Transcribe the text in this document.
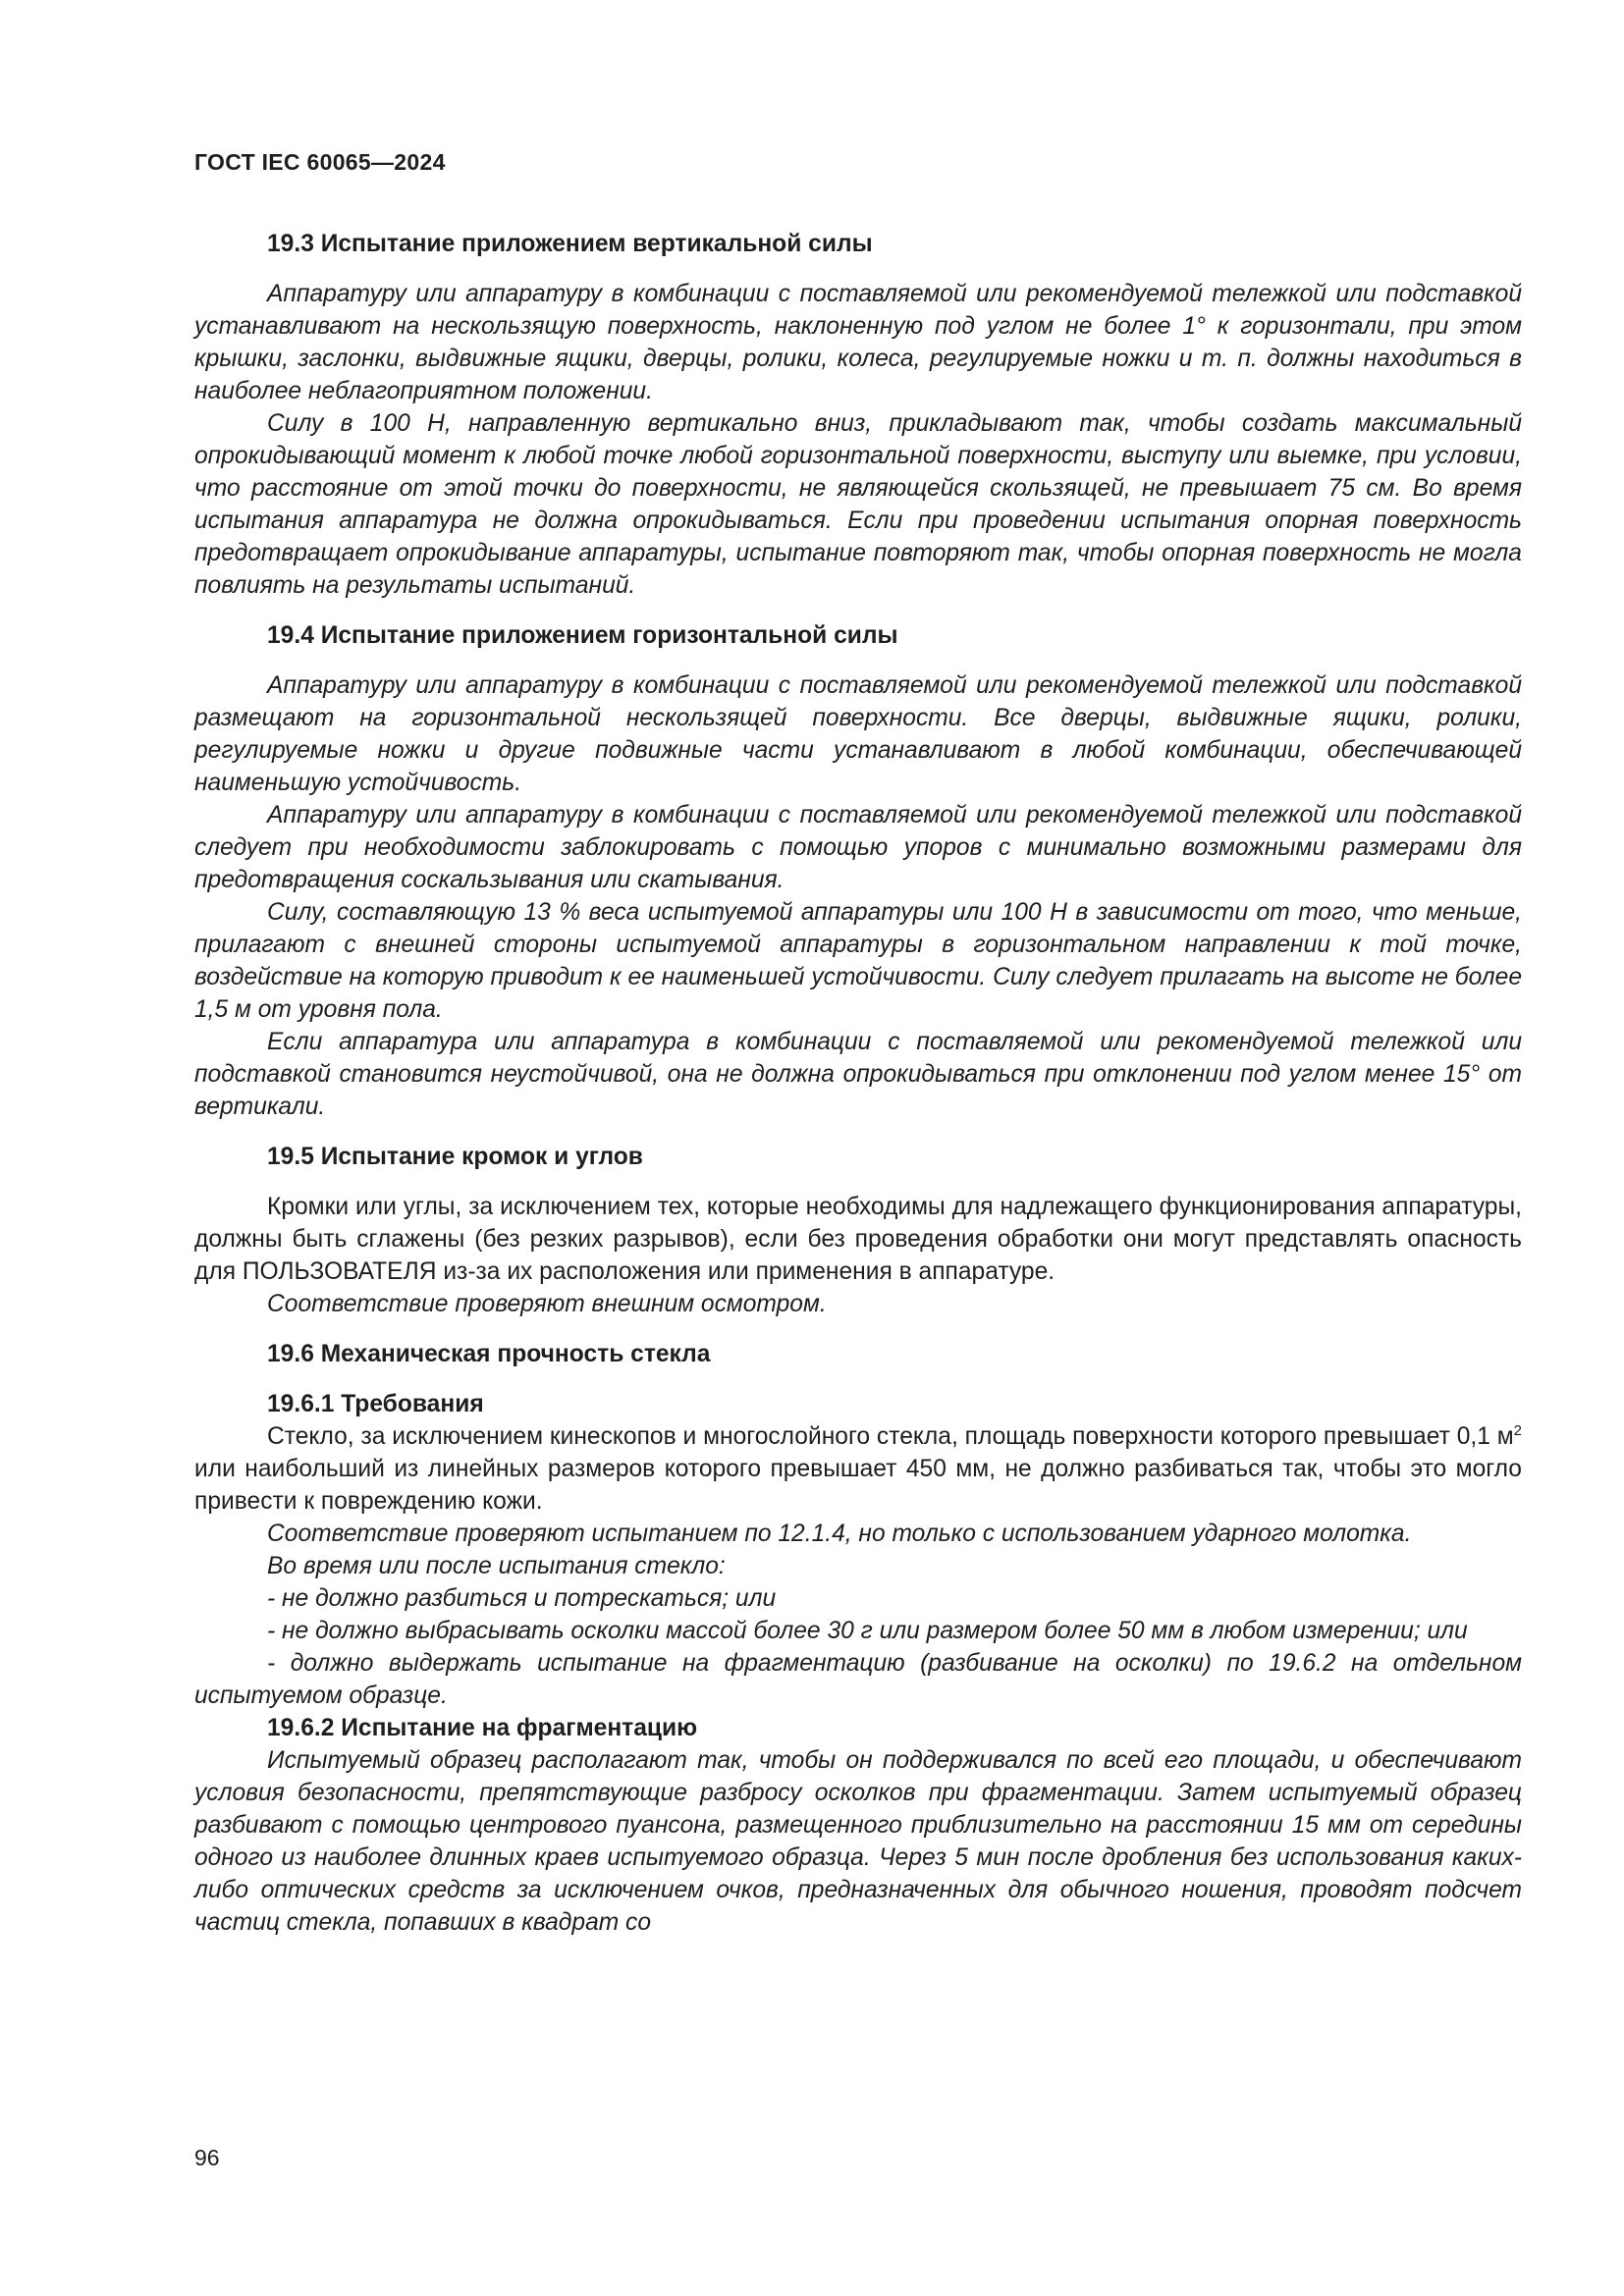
ГОСТ IEC 60065—2024
19.3 Испытание приложением вертикальной силы

Аппаратуру или аппаратуру в комбинации с поставляемой или рекомендуемой тележкой или подставкой устанавливают на нескользящую поверхность, наклоненную под углом не более 1° к горизонтали, при этом крышки, заслонки, выдвижные ящики, дверцы, ролики, колеса, регулируемые ножки и т. п. должны находиться в наиболее неблагоприятном положении.

Силу в 100 Н, направленную вертикально вниз, прикладывают так, чтобы создать максимальный опрокидывающий момент к любой точке любой горизонтальной поверхности, выступу или выемке, при условии, что расстояние от этой точки до поверхности, не являющейся скользящей, не превышает 75 см. Во время испытания аппаратура не должна опрокидываться. Если при проведении испытания опорная поверхность предотвращает опрокидывание аппаратуры, испытание повторяют так, чтобы опорная поверхность не могла повлиять на результаты испытаний.

19.4 Испытание приложением горизонтальной силы

Аппаратуру или аппаратуру в комбинации с поставляемой или рекомендуемой тележкой или подставкой размещают на горизонтальной нескользящей поверхности. Все дверцы, выдвижные ящики, ролики, регулируемые ножки и другие подвижные части устанавливают в любой комбинации, обеспечивающей наименьшую устойчивость.

Аппаратуру или аппаратуру в комбинации с поставляемой или рекомендуемой тележкой или подставкой следует при необходимости заблокировать с помощью упоров с минимально возможными размерами для предотвращения соскальзывания или скатывания.

Силу, составляющую 13 % веса испытуемой аппаратуры или 100 Н в зависимости от того, что меньше, прилагают с внешней стороны испытуемой аппаратуры в горизонтальном направлении к той точке, воздействие на которую приводит к ее наименьшей устойчивости. Силу следует прилагать на высоте не более 1,5 м от уровня пола.

Если аппаратура или аппаратура в комбинации с поставляемой или рекомендуемой тележкой или подставкой становится неустойчивой, она не должна опрокидываться при отклонении под углом менее 15° от вертикали.

19.5 Испытание кромок и углов

Кромки или углы, за исключением тех, которые необходимы для надлежащего функционирования аппаратуры, должны быть сглажены (без резких разрывов), если без проведения обработки они могут представлять опасность для ПОЛЬЗОВАТЕЛЯ из-за их расположения или применения в аппаратуре.

Соответствие проверяют внешним осмотром.

19.6 Механическая прочность стекла
19.6.1 Требования

Стекло, за исключением кинескопов и многослойного стекла, площадь поверхности которого превышает 0,1 $м^2$ или наибольший из линейных размеров которого превышает 450 мм, не должно разбиваться так, чтобы это могло привести к повреждению кожи.

Соответствие проверяют испытанием по 12.1.4, но только с использованием ударного молотка.

Во время или после испытания стекло:

- не должно разбиться и потрескаться; или

- не должно выбрасывать осколки массой более 30 г или размером более 50 мм в любом измерении; или

- должно выдержать испытание на фрагментацию (разбивание на осколки) по 19.6.2 на отдельном испытуемом образце.

19.6.2 Испытание на фрагментацию

Испытуемый образец располагают так, чтобы он поддерживался по всей его площади, и обеспечивают условия безопасности, препятствующие разбросу осколков при фрагментации. Затем испытуемый образец разбивают с помощью центрового пуансона, размещенного приблизительно на расстоянии 15 мм от середины одного из наиболее длинных краев испытуемого образца. Через 5 мин после дробления без использования каких-либо оптических средств за исключением очков, предназначенных для обычного ношения, проводят подсчет частиц стекла, попавших в квадрат со

96
